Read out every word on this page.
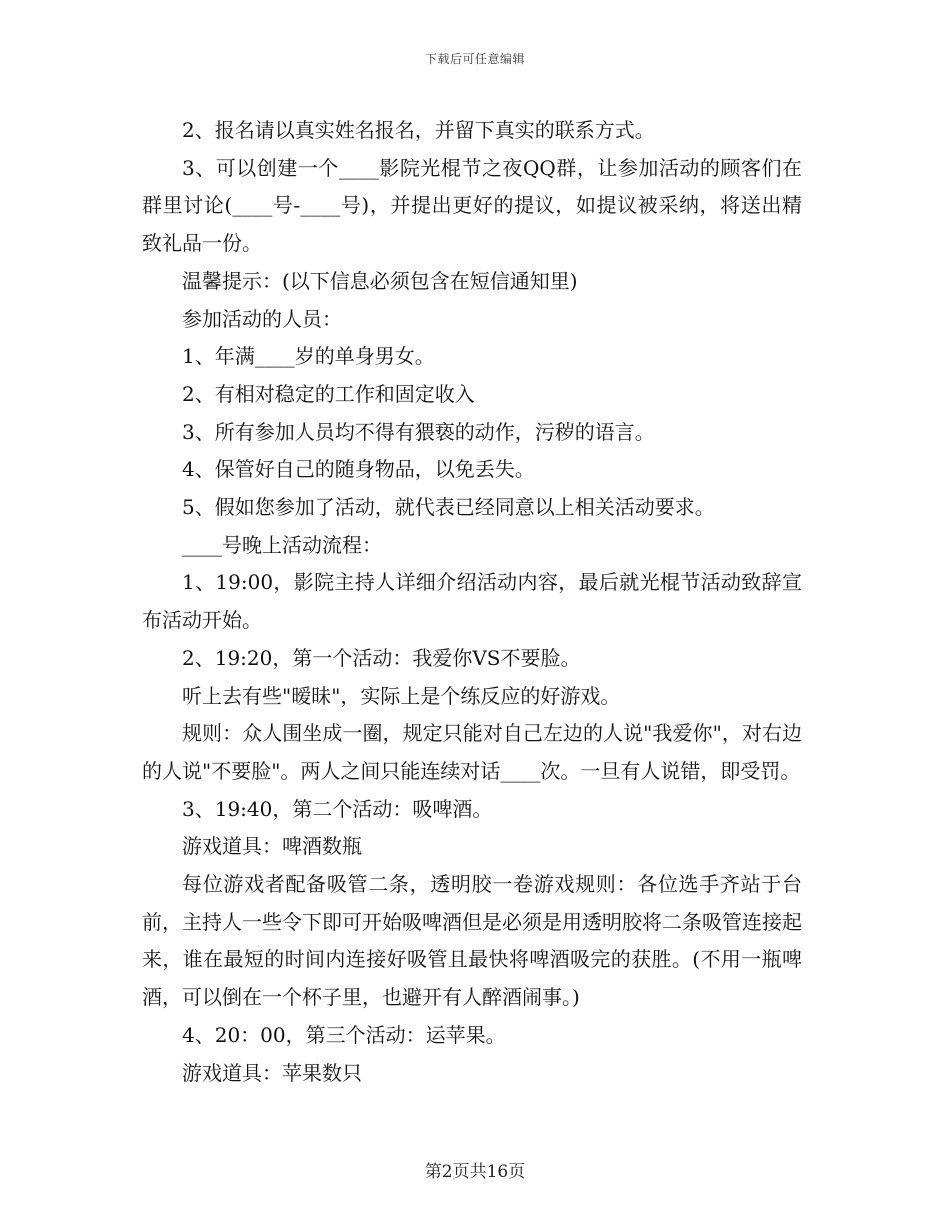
下载后可任意编辑

2、报名请以真实姓名报名，并留下真实的联系方式。

3、可以创建一个____影院光棍节之夜QQ群，让参加活动的顾客们在群里讨论(____号-____号)，并提出更好的提议，如提议被采纳，将送出精致礼品一份。

温馨提示：(以下信息必须包含在短信通知里)

参加活动的人员：

1、年满____岁的单身男女。

2、有相对稳定的工作和固定收入

3、所有参加人员均不得有猥亵的动作，污秽的语言。

4、保管好自己的随身物品，以免丢失。

5、假如您参加了活动，就代表已经同意以上相关活动要求。

____号晚上活动流程：

1、19:00，影院主持人详细介绍活动内容，最后就光棍节活动致辞宣布活动开始。

2、19:20，第一个活动：我爱你VS不要脸。

听上去有些"暧昧"，实际上是个练反应的好游戏。

规则：众人围坐成一圈，规定只能对自己左边的人说"我爱你"，对右边的人说"不要脸"。两人之间只能连续对话____次。一旦有人说错，即受罚。

3、19:40，第二个活动：吸啤酒。

游戏道具：啤酒数瓶

每位游戏者配备吸管二条，透明胶一卷游戏规则：各位选手齐站于台前，主持人一些令下即可开始吸啤酒但是必须是用透明胶将二条吸管连接起来，谁在最短的时间内连接好吸管且最快将啤酒吸完的获胜。(不用一瓶啤酒，可以倒在一个杯子里，也避开有人醉酒闹事。)

4、20：00，第三个活动：运苹果。

游戏道具：苹果数只

第2页共16页
